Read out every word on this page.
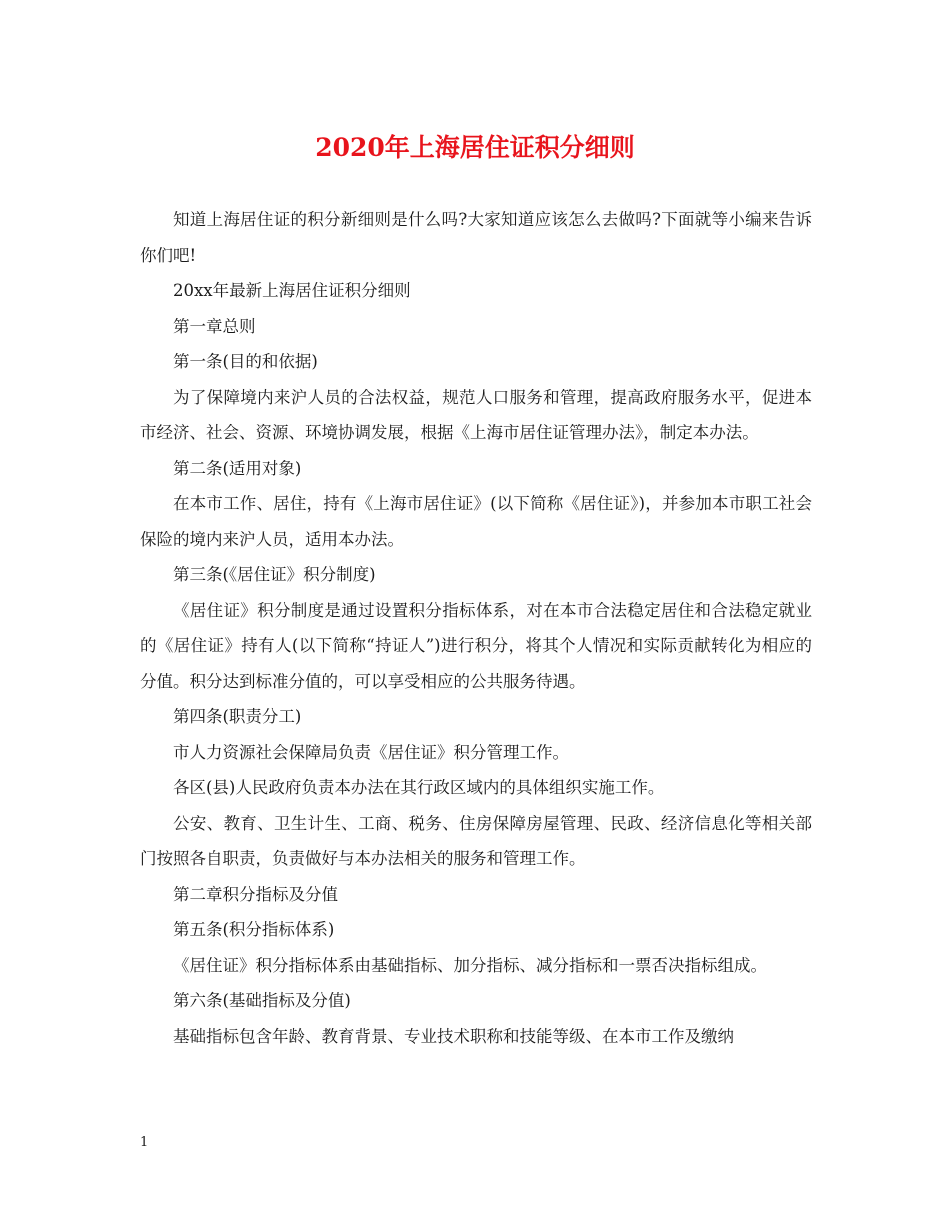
2020年上海居住证积分细则

知道上海居住证的积分新细则是什么吗?大家知道应该怎么去做吗?下面就等小编来告诉你们吧!

20xx年最新上海居住证积分细则

第一章总则

第一条(目的和依据)

为了保障境内来沪人员的合法权益，规范人口服务和管理，提高政府服务水平，促进本市经济、社会、资源、环境协调发展，根据《上海市居住证管理办法》，制定本办法。

第二条(适用对象)

在本市工作、居住，持有《上海市居住证》(以下简称《居住证》)，并参加本市职工社会保险的境内来沪人员，适用本办法。

第三条(《居住证》积分制度)

《居住证》积分制度是通过设置积分指标体系，对在本市合法稳定居住和合法稳定就业的《居住证》持有人(以下简称“持证人”)进行积分，将其个人情况和实际贡献转化为相应的分值。积分达到标准分值的，可以享受相应的公共服务待遇。

第四条(职责分工)

市人力资源社会保障局负责《居住证》积分管理工作。

各区(县)人民政府负责本办法在其行政区域内的具体组织实施工作。

公安、教育、卫生计生、工商、税务、住房保障房屋管理、民政、经济信息化等相关部门按照各自职责，负责做好与本办法相关的服务和管理工作。

第二章积分指标及分值

第五条(积分指标体系)

《居住证》积分指标体系由基础指标、加分指标、减分指标和一票否决指标组成。

第六条(基础指标及分值)

基础指标包含年龄、教育背景、专业技术职称和技能等级、在本市工作及缴纳

1
